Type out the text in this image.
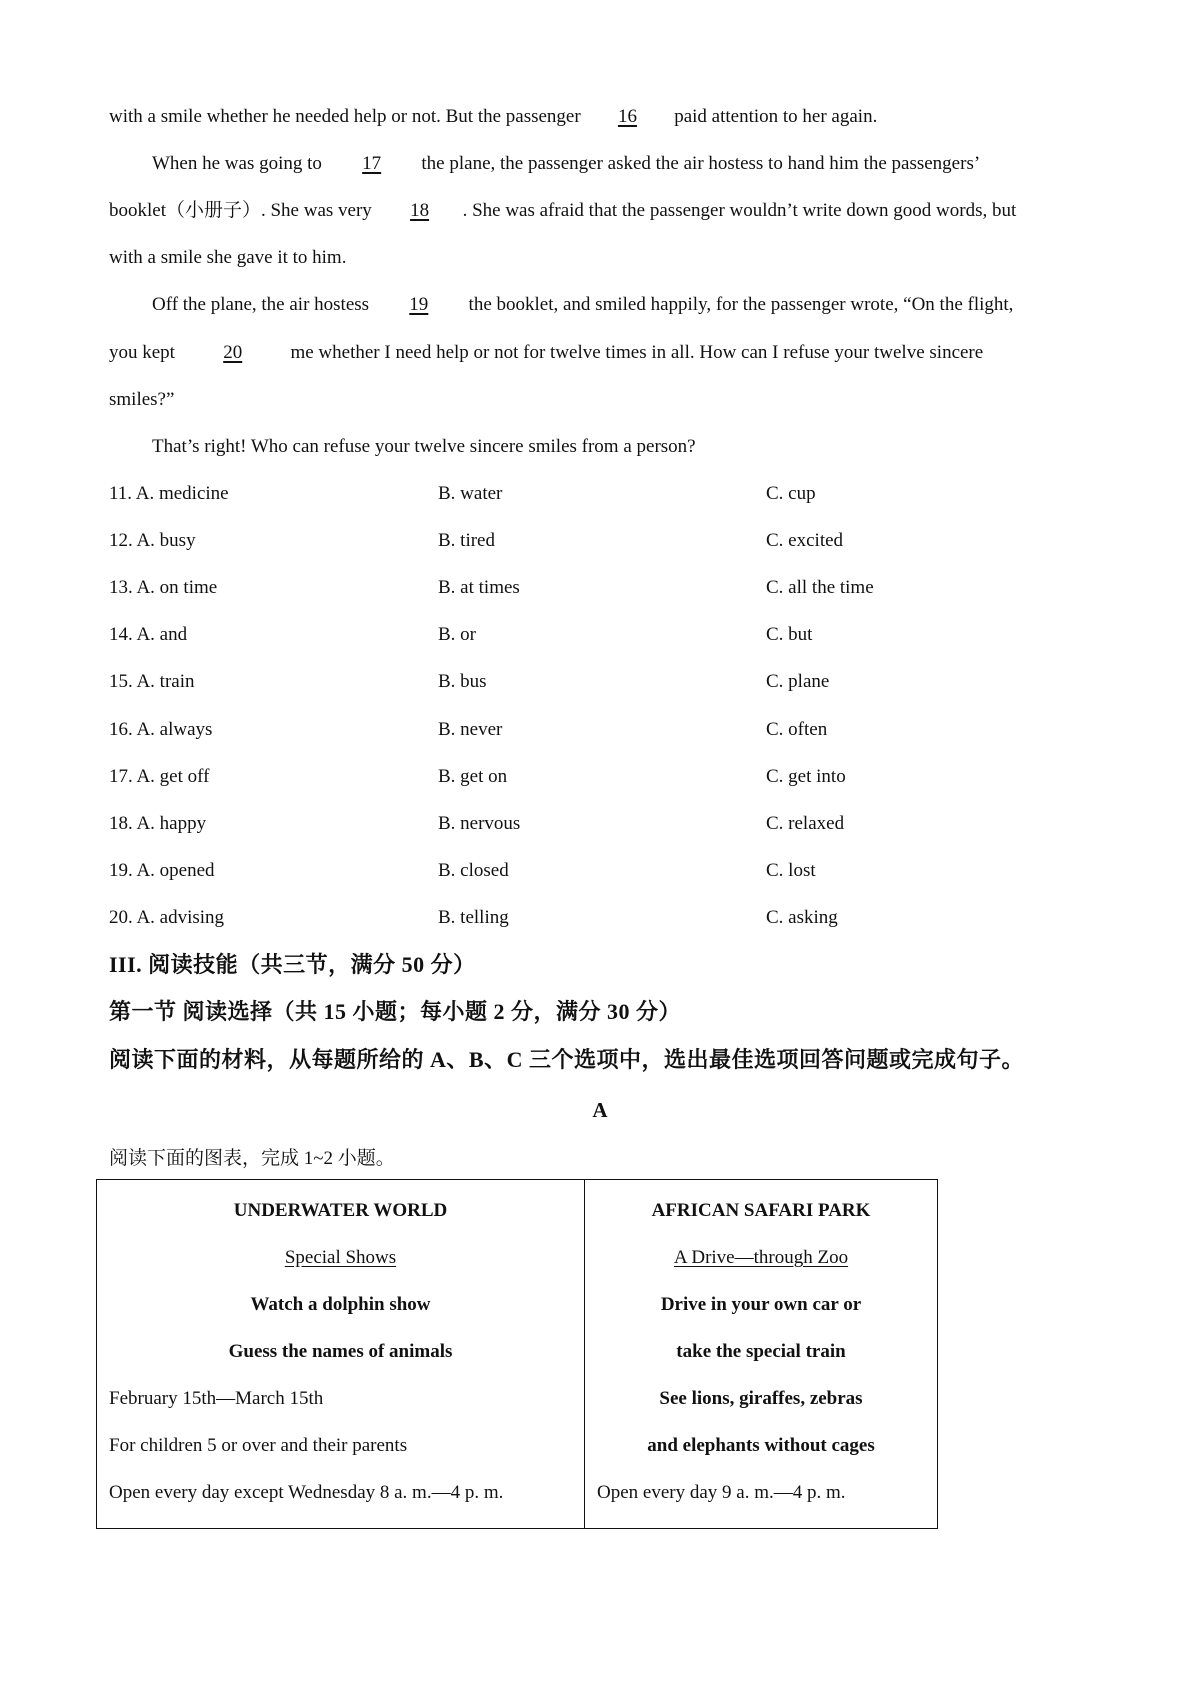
with a smile whether he needed help or not. But the passenger 16 paid attention to her again.
When he was going to 17 the plane, the passenger asked the air hostess to hand him the passengers’
booklet（小册子）. She was very 18 . She was afraid that the passenger wouldn’t write down good words, but
with a smile she gave it to him.
Off the plane, the air hostess 19 the booklet, and smiled happily, for the passenger wrote, “On the flight,
you kept 20 me whether I need help or not for twelve times in all. How can I refuse your twelve sincere
smiles?”
That’s right! Who can refuse your twelve sincere smiles from a person?
11. A. medicine	B. water	C. cup
12. A. busy	B. tired	C. excited
13. A. on time	B. at times	C. all the time
14. A. and	B. or	C. but
15. A. train	B. bus	C. plane
16. A. always	B. never	C. often
17. A. get off	B. get on	C. get into
18. A. happy	B. nervous	C. relaxed
19. A. opened	B. closed	C. lost
20. A. advising	B. telling	C. asking
III. 阅读技能（共三节，满分 50 分）
第一节 阅读选择（共 15 小题；每小题 2 分，满分 30 分）
阅读下面的材料，从每题所给的 A、B、C 三个选项中，选出最佳选项回答问题或完成句子。
A
阅读下面的图表，完成 1~2 小题。
UNDERWATER WORLD
Special Shows
Watch a dolphin show
Guess the names of animals
February 15th—March 15th
For children 5 or over and their parents
Open every day except Wednesday 8 a. m.—4 p. m.
AFRICAN SAFARI PARK
A Drive—through Zoo
Drive in your own car or
take the special train
See lions, giraffes, zebras
and elephants without cages
Open every day 9 a. m.—4 p. m.
